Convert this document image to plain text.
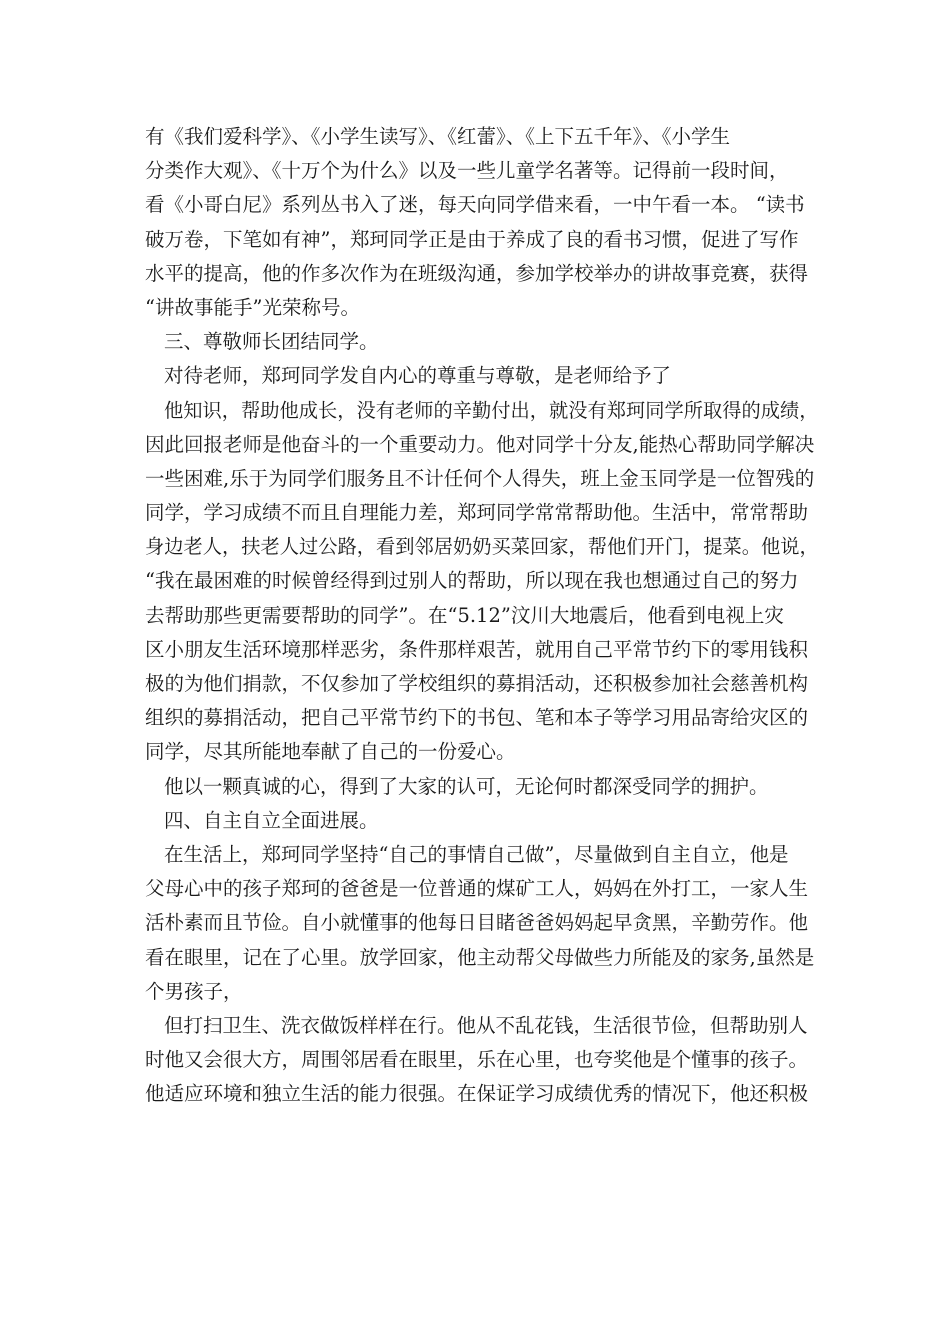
有《我们爱科学》、《小学生读写》、《红蕾》、《上下五千年》、《小学生
分类作大观》、《十万个为什么》以及一些儿童学名著等。记得前一段时间，
看《小哥白尼》系列丛书入了迷，每天向同学借来看，一中午看一本。 “读书
破万卷，下笔如有神”，郑珂同学正是由于养成了良的看书习惯，促进了写作
水平的提高，他的作多次作为在班级沟通，参加学校举办的讲故事竞赛，获得
“讲故事能手”光荣称号。
三、尊敬师长团结同学。
对待老师，郑珂同学发自内心的尊重与尊敬，是老师给予了
他知识，帮助他成长，没有老师的辛勤付出，就没有郑珂同学所取得的成绩，
因此回报老师是他奋斗的一个重要动力。他对同学十分友,能热心帮助同学解决
一些困难,乐于为同学们服务且不计任何个人得失，班上金玉同学是一位智残的
同学，学习成绩不而且自理能力差，郑珂同学常常帮助他。生活中，常常帮助
身边老人，扶老人过公路，看到邻居奶奶买菜回家，帮他们开门，提菜。他说，
“我在最困难的时候曾经得到过别人的帮助，所以现在我也想通过自己的努力
去帮助那些更需要帮助的同学”。在“5.12”汶川大地震后，他看到电视上灾
区小朋友生活环境那样恶劣，条件那样艰苦，就用自己平常节约下的零用钱积
极的为他们捐款，不仅参加了学校组织的募捐活动，还积极参加社会慈善机构
组织的募捐活动，把自己平常节约下的书包、笔和本子等学习用品寄给灾区的
同学，尽其所能地奉献了自己的一份爱心。
他以一颗真诚的心，得到了大家的认可，无论何时都深受同学的拥护。
四、自主自立全面进展。
在生活上，郑珂同学坚持“自己的事情自己做”，尽量做到自主自立，他是
父母心中的孩子郑珂的爸爸是一位普通的煤矿工人，妈妈在外打工，一家人生
活朴素而且节俭。自小就懂事的他每日目睹爸爸妈妈起早贪黑，辛勤劳作。他
看在眼里，记在了心里。放学回家，他主动帮父母做些力所能及的家务,虽然是
个男孩子，
但打扫卫生、洗衣做饭样样在行。他从不乱花钱，生活很节俭，但帮助别人
时他又会很大方，周围邻居看在眼里，乐在心里，也夸奖他是个懂事的孩子。
他适应环境和独立生活的能力很强。在保证学习成绩优秀的情况下，他还积极
